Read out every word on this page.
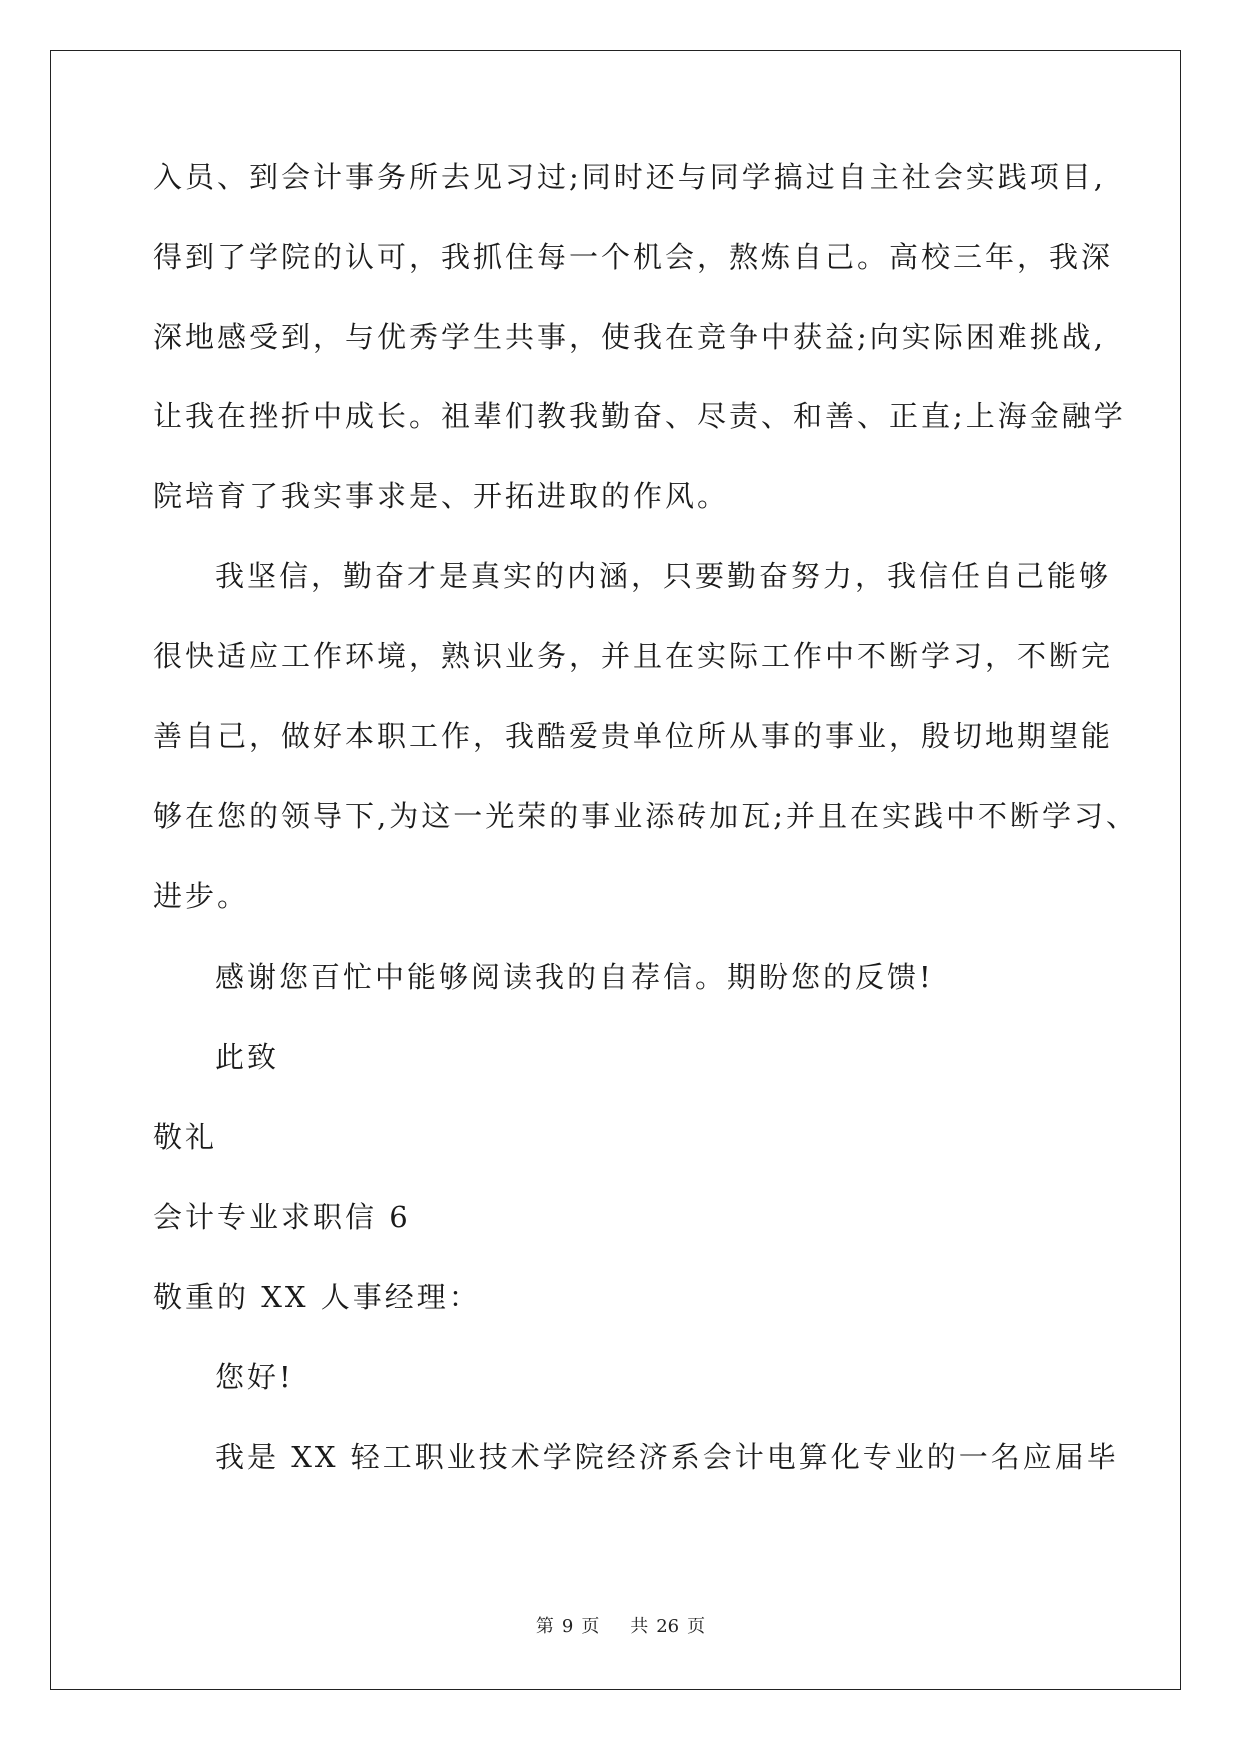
入员、到会计事务所去见习过;同时还与同学搞过自主社会实践项目,
得到了学院的认可，我抓住每一个机会，熬炼自己。高校三年，我深
深地感受到，与优秀学生共事，使我在竞争中获益;向实际困难挑战,
让我在挫折中成长。祖辈们教我勤奋、尽责、和善、正直;上海金融学
院培育了我实事求是、开拓进取的作风。
我坚信，勤奋才是真实的内涵，只要勤奋努力，我信任自己能够
很快适应工作环境，熟识业务，并且在实际工作中不断学习，不断完
善自己，做好本职工作，我酷爱贵单位所从事的事业，殷切地期望能
够在您的领导下,为这一光荣的事业添砖加瓦;并且在实践中不断学习、
进步。
感谢您百忙中能够阅读我的自荐信。期盼您的反馈!
此致
敬礼
会计专业求职信 6
敬重的 XX 人事经理：
您好!
我是 XX 轻工职业技术学院经济系会计电算化专业的一名应届毕
第 9 页 共 26 页
